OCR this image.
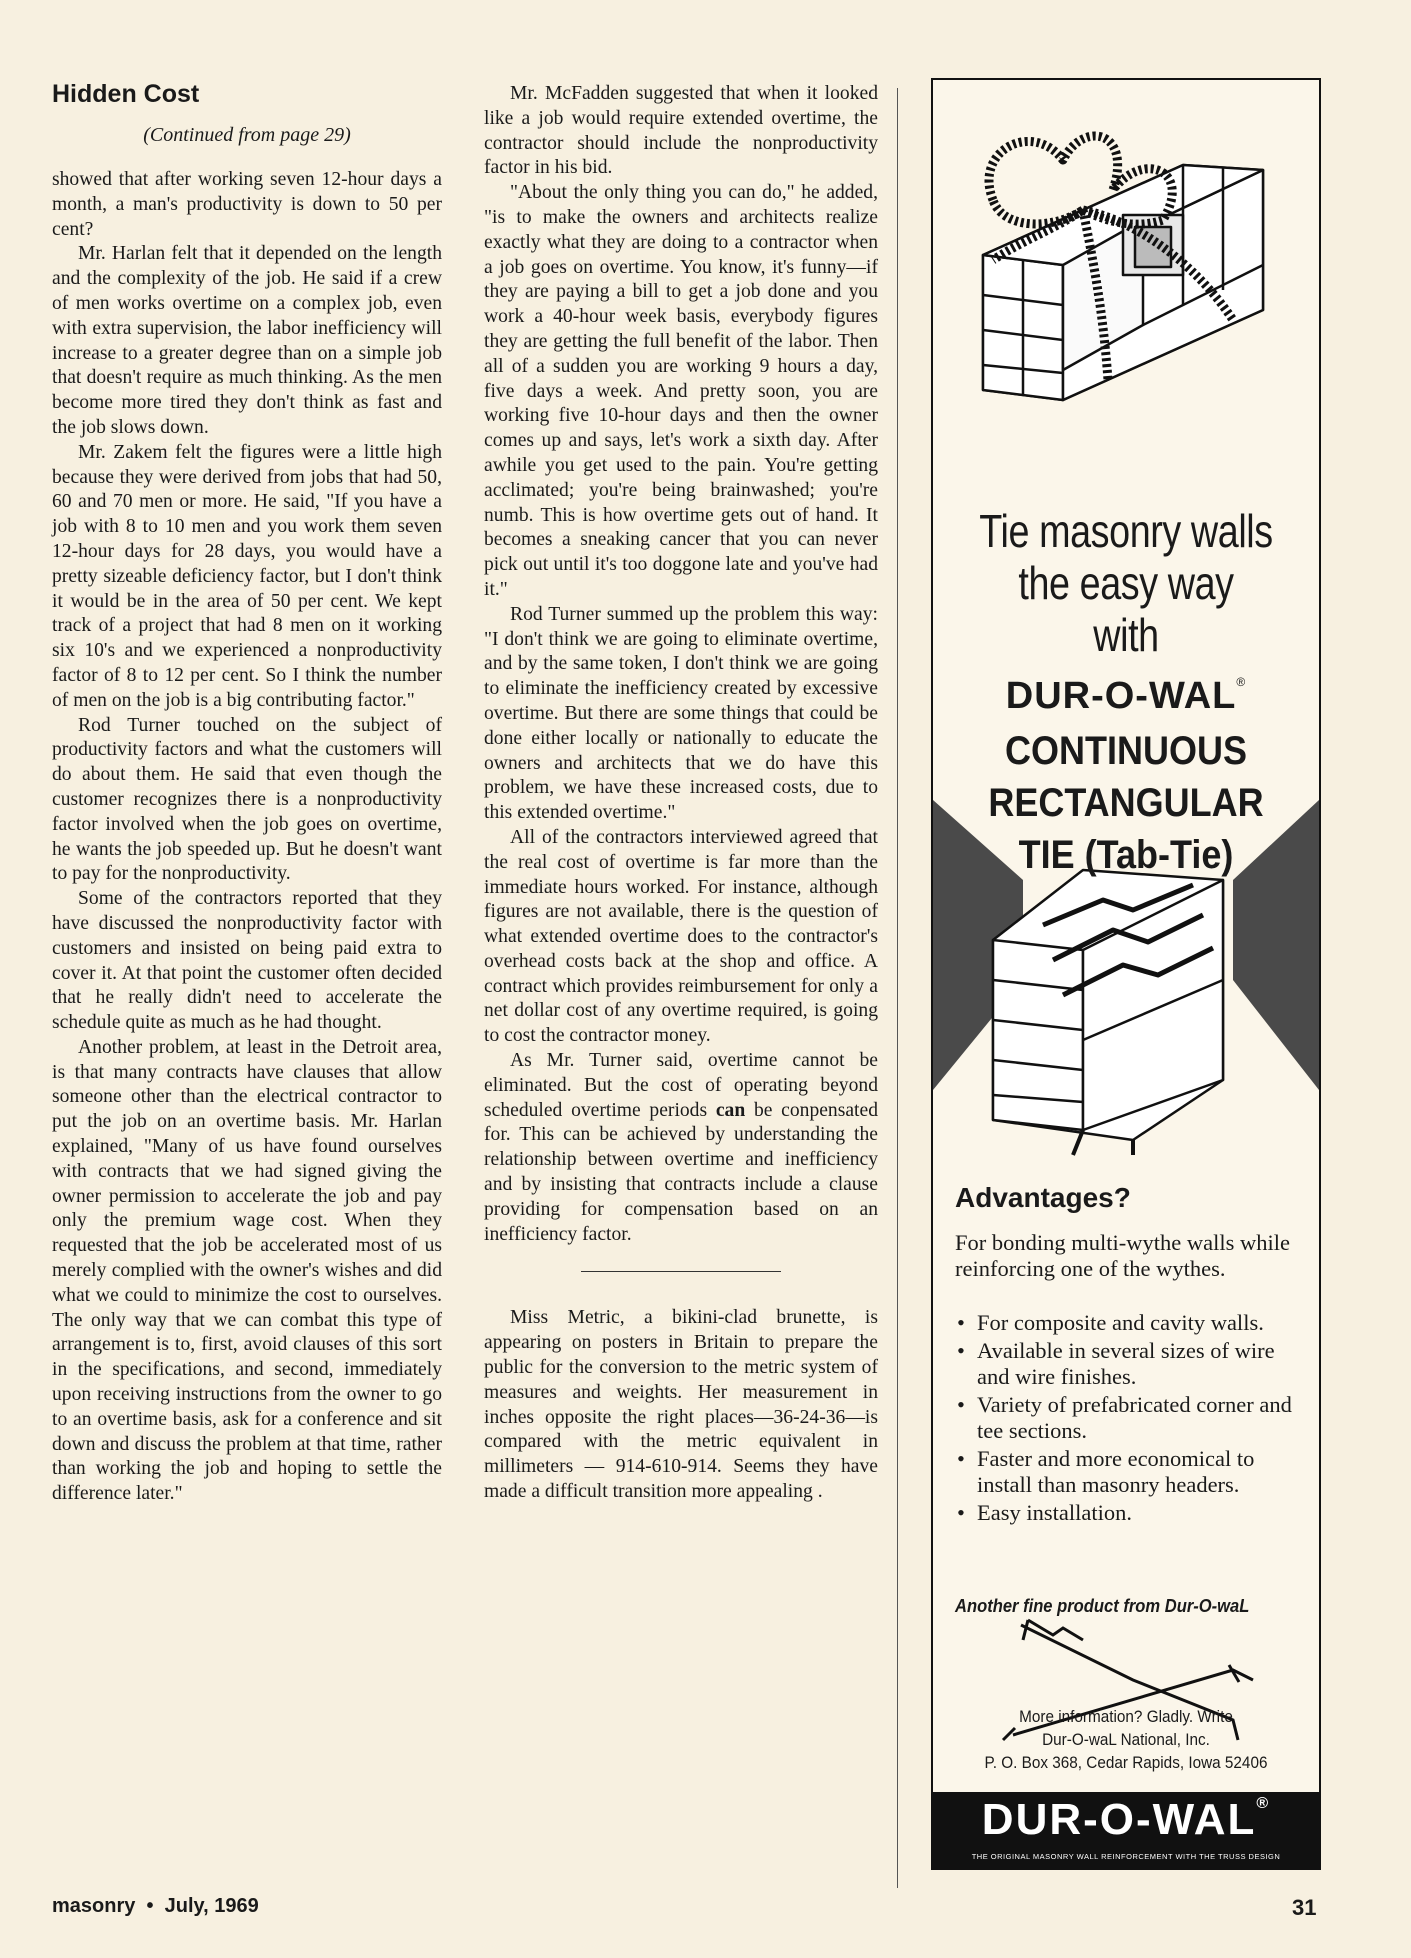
Hidden Cost
(Continued from page 29)

showed that after working seven 12-hour days a month, a man's productivity is down to 50 per cent?

Mr. Harlan felt that it depended on the length and the complexity of the job. He said if a crew of men works overtime on a complex job, even with extra supervision, the labor inefficiency will increase to a greater degree than on a simple job that doesn't require as much thinking. As the men become more tired they don't think as fast and the job slows down.

Mr. Zakem felt the figures were a little high because they were derived from jobs that had 50, 60 and 70 men or more. He said, "If you have a job with 8 to 10 men and you work them seven 12-hour days for 28 days, you would have a pretty sizeable deficiency factor, but I don't think it would be in the area of 50 per cent. We kept track of a project that had 8 men on it working six 10's and we experienced a nonproductivity factor of 8 to 12 per cent. So I think the number of men on the job is a big contributing factor."

Rod Turner touched on the subject of productivity factors and what the customers will do about them. He said that even though the customer recognizes there is a nonproductivity factor involved when the job goes on overtime, he wants the job speeded up. But he doesn't want to pay for the nonproductivity.

Some of the contractors reported that they have discussed the nonproductivity factor with customers and insisted on being paid extra to cover it. At that point the customer often decided that he really didn't need to accelerate the schedule quite as much as he had thought.

Another problem, at least in the Detroit area, is that many contracts have clauses that allow someone other than the electrical contractor to put the job on an overtime basis. Mr. Harlan explained, "Many of us have found ourselves with contracts that we had signed giving the owner permission to accelerate the job and pay only the premium wage cost. When they requested that the job be accelerated most of us merely complied with the owner's wishes and did what we could to minimize the cost to ourselves. The only way that we can combat this type of arrangement is to, first, avoid clauses of this sort in the specifications, and second, immediately upon receiving instructions from the owner to go to an overtime basis, ask for a conference and sit down and discuss the problem at that time, rather than working the job and hoping to settle the difference later."

Mr. McFadden suggested that when it looked like a job would require extended overtime, the contractor should include the nonproductivity factor in his bid.

"About the only thing you can do," he added, "is to make the owners and architects realize exactly what they are doing to a contractor when a job goes on overtime. You know, it's funny—if they are paying a bill to get a job done and you work a 40-hour week basis, everybody figures they are getting the full benefit of the labor. Then all of a sudden you are working 9 hours a day, five days a week. And pretty soon, you are working five 10-hour days and then the owner comes up and says, let's work a sixth day. After awhile you get used to the pain. You're getting acclimated; you're being brainwashed; you're numb. This is how overtime gets out of hand. It becomes a sneaking cancer that you can never pick out until it's too doggone late and you've had it."

Rod Turner summed up the problem this way: "I don't think we are going to eliminate overtime, and by the same token, I don't think we are going to eliminate the inefficiency created by excessive overtime. But there are some things that could be done either locally or nationally to educate the owners and architects that we do have this problem, we have these increased costs, due to this extended overtime."

All of the contractors interviewed agreed that the real cost of overtime is far more than the immediate hours worked. For instance, although figures are not available, there is the question of what extended overtime does to the contractor's overhead costs back at the shop and office. A contract which provides reimbursement for only a net dollar cost of any overtime required, is going to cost the contractor money.

As Mr. Turner said, overtime cannot be eliminated. But the cost of operating beyond scheduled overtime periods can be conpensated for. This can be achieved by understanding the relationship between overtime and inefficiency and by insisting that contracts include a clause providing for compensation based on an inefficiency factor.

Miss Metric, a bikini-clad brunette, is appearing on posters in Britain to prepare the public for the conversion to the metric system of measures and weights. Her measurement in inches opposite the right places—36-24-36—is compared with the metric equivalent in millimeters — 914-610-914. Seems they have made a difficult transition more appealing .

Tie masonry walls
the easy way
with
DUR-O-WAL®
CONTINUOUS
RECTANGULAR
TIE (Tab-Tie)
Advantages?
For bonding multi-wythe walls while reinforcing one of the wythes.
• For composite and cavity walls.
• Available in several sizes of wire and wire finishes.
• Variety of prefabricated corner and tee sections.
• Faster and more economical to install than masonry headers.
• Easy installation.
Another fine product from Dur-O-waL
More information? Gladly. Write
Dur-O-waL National, Inc.
P. O. Box 368, Cedar Rapids, Iowa 52406
DUR-O-WAL®
THE ORIGINAL MASONRY WALL REINFORCEMENT WITH THE TRUSS DESIGN
masonry  •  July, 1969	31
